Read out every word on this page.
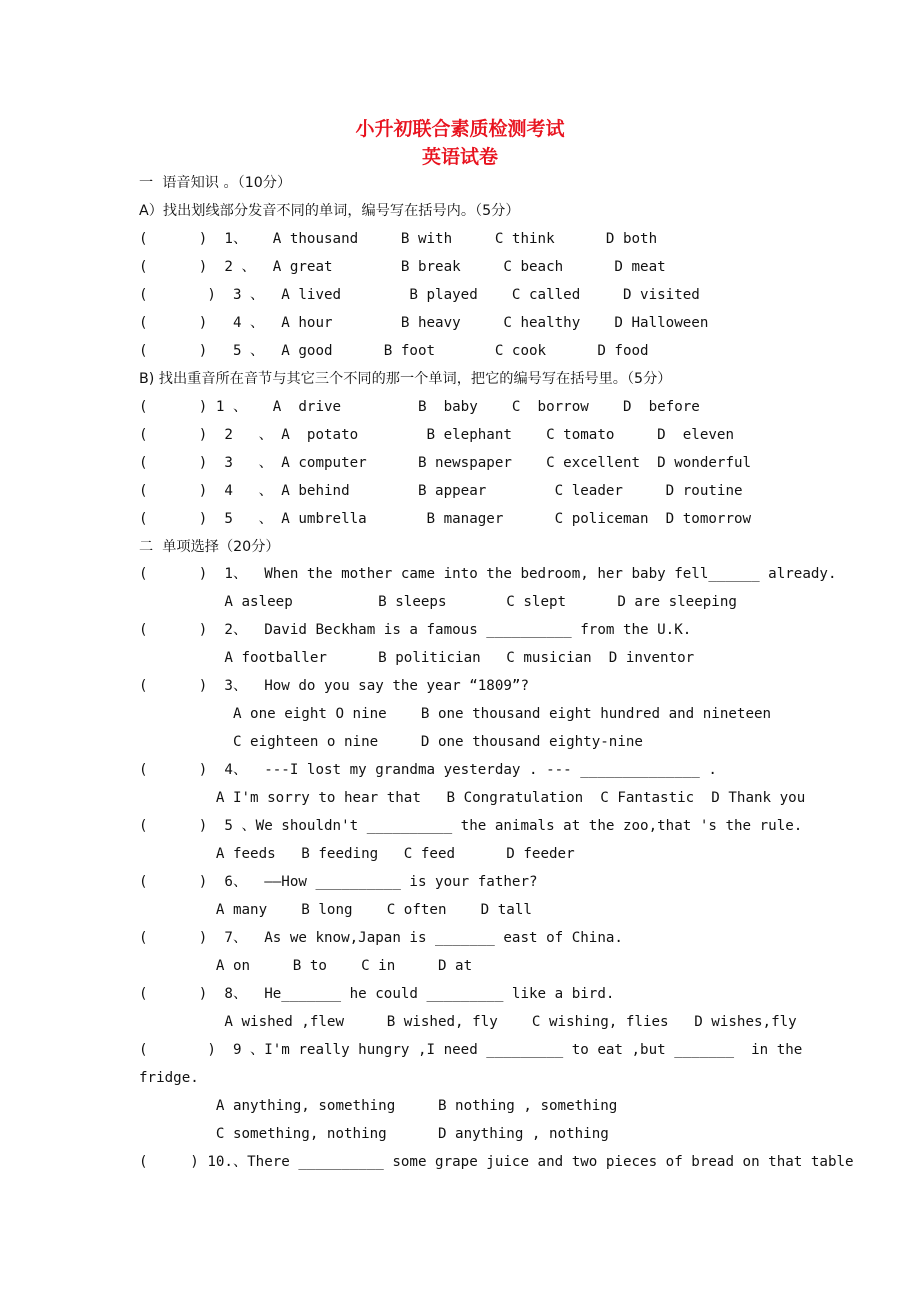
小升初联合素质检测考试
英语试卷
一  语音知识 。（10分）
A）找出划线部分发音不同的单词，编号写在括号内。（5分）
(      )  1、   A thousand     B with     C think      D both
(      )  2 、  A great        B break     C beach      D meat
(       )  3 、  A lived        B played    C called     D visited
(      )   4 、  A hour        B heavy     C healthy    D Halloween
(      )   5 、  A good      B foot       C cook      D food
B) 找出重音所在音节与其它三个不同的那一个单词，把它的编号写在括号里。（5分）
(      ) 1 、   A  drive         B  baby    C  borrow    D  before
(      )  2   、 A  potato        B elephant    C tomato     D  eleven
(      )  3   、 A computer      B newspaper    C excellent  D wonderful
(      )  4   、 A behind        B appear        C leader     D routine
(      )  5   、 A umbrella       B manager      C policeman  D tomorrow
二  单项选择（20分）
(      )  1、  When the mother came into the bedroom, her baby fell______ already.
A asleep          B sleeps       C slept      D are sleeping
(      )  2、  David Beckham is a famous __________ from the U.K.
A footballer      B politician   C musician  D inventor
(      )  3、  How do you say the year “1809”?
A one eight O nine    B one thousand eight hundred and nineteen
C eighteen o nine     D one thousand eighty-nine
(      )  4、  ---I lost my grandma yesterday . --- ______________ .
A I'm sorry to hear that   B Congratulation  C Fantastic  D Thank you
(      )  5 、We shouldn't __________ the animals at the zoo,that 's the rule.
A feeds   B feeding   C feed      D feeder
(      )  6、  ——How __________ is your father?
A many    B long    C often    D tall
(      )  7、  As we know,Japan is _______ east of China.
A on     B to    C in     D at
(      )  8、  He_______ he could _________ like a bird.
A wished ,flew     B wished, fly    C wishing, flies   D wishes,fly
(       )  9 、I'm really hungry ,I need _________ to eat ,but _______  in the
fridge.
A anything, something     B nothing , something
C something, nothing      D anything , nothing
(     ) 10.、There __________ some grape juice and two pieces of bread on that table
